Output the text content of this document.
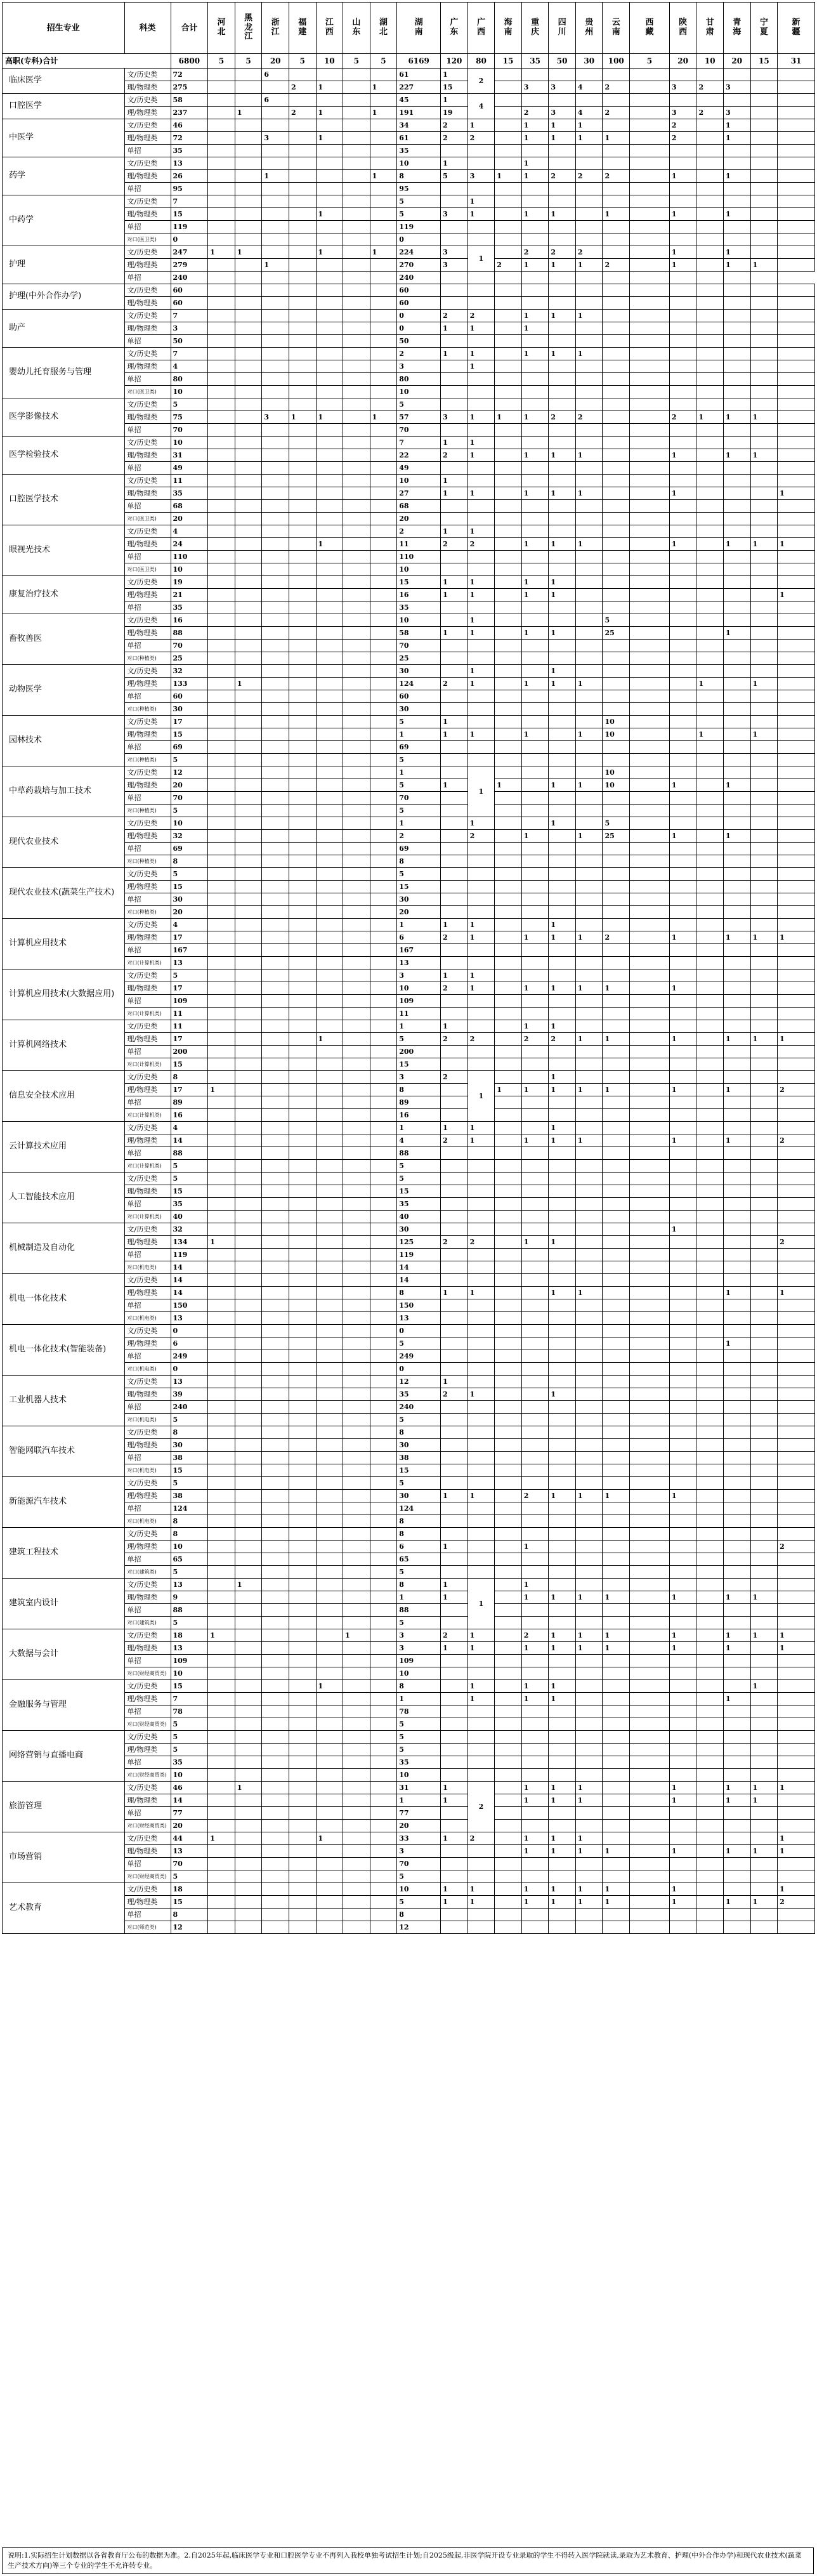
招生专业	科类	合计	河北	黑龙江	浙江	福建	江西	山东	湖北	湖南	广东	广西	海南	重庆	四川	贵州	云南	西藏	陕西	甘肃	青海	宁夏	新疆
高职(专科)合计		6800	5	5	20	5	10	5	5	6169	120	80	15	35	50	30	100	5	20	10	20	15	31
临床医学	文/历史类	72			6					61	1	2											
	理/物理类	275				2	1		1	227	15			3	3	4	2		3	2	3		
口腔医学	文/历史类	58			6					45	1	4											
	理/物理类	237		1		2	1		1	191	19			2	3	4	2		3	2	3		
中医学	文/历史类	46								34	2	1		1	1	1			2		1		
	理/物理类	72			3		1			61	2	2		1	1	1	1		2		1		
	单招	35								35													
药学	文/历史类	13								10	1			1									
	理/物理类	26			1				1	8	5	3	1	1	2	2	2		1		1		
	单招	95								95													
中药学	文/历史类	7								5		1											
	理/物理类	15					1			5	3	1		1	1		1		1		1		
	单招	119								119													
	对口(医卫类)	0								0													
护理	文/历史类	247	1	1			1		1	224	3	1		2	2	2			1		1		
	理/物理类	279			1					270	3		2	1	1	1	2		1		1	1	
	单招	240								240													
护理(中外合作办学)	文/历史类	60								60													
	理/物理类	60								60													
助产	文/历史类	7								0	2	2		1	1	1							
	理/物理类	3								0	1	1		1									
	单招	50								50													
婴幼儿托育服务与管理	文/历史类	7								2	1	1		1	1	1							
	理/物理类	4								3		1											
	单招	80								80													
	对口(医卫类)	10								10													
医学影像技术	文/历史类	5								5													
	理/物理类	75			3	1	1		1	57	3	1	1	1	2	2			2	1	1	1	
	单招	70								70													
医学检验技术	文/历史类	10								7	1	1											
	理/物理类	31								22	2	1		1	1	1			1		1	1	
	单招	49								49													
口腔医学技术	文/历史类	11								10	1												
	理/物理类	35								27	1	1		1	1	1			1				1
	单招	68								68													
	对口(医卫类)	20								20													
眼视光技术	文/历史类	4								2	1	1											
	理/物理类	24					1			11	2	2		1	1	1			1		1	1	1
	单招	110								110													
	对口(医卫类)	10								10													
康复治疗技术	文/历史类	19								15	1	1		1	1								
	理/物理类	21								16	1	1		1	1								1
	单招	35								35													
畜牧兽医	文/历史类	16								10		1					5						
	理/物理类	88								58	1	1		1	1		25				1		
	单招	70								70													
	对口(种植类)	25								25													
动物医学	文/历史类	32								30		1			1								
	理/物理类	133		1						124	2	1		1	1	1				1		1	
	单招	60								60													
	对口(种植类)	30								30													
园林技术	文/历史类	17								5	1						10						
	理/物理类	15								1	1	1		1		1	10			1		1	
	单招	69								69													
	对口(种植类)	5								5													
中草药栽培与加工技术	文/历史类	12								1		1					10						
	理/物理类	20								5	1		1		1	1	10		1		1		
	单招	70								70													
	对口(种植类)	5								5													
现代农业技术	文/历史类	10								1		1			1		5						
	理/物理类	32								2		2		1		1	25		1		1		
	单招	69								69													
	对口(种植类)	8								8													
现代农业技术(蔬菜生产技术)	文/历史类	5								5													
	理/物理类	15								15													
	单招	30								30													
	对口(种植类)	20								20													
计算机应用技术	文/历史类	4								1	1	1			1								
	理/物理类	17								6	2	1		1	1	1	2		1		1	1	1
	单招	167								167													
	对口(计算机类)	13								13													
计算机应用技术(大数据应用)	文/历史类	5								3	1	1											
	理/物理类	17								10	2	1		1	1	1	1		1				
	单招	109								109													
	对口(计算机类)	11								11													
计算机网络技术	文/历史类	11								1	1			1	1								
	理/物理类	17					1			5	2	2		2	2	1	1		1		1	1	1
	单招	200								200													
	对口(计算机类)	15								15													
信息安全技术应用	文/历史类	8								3	2	1			1								
	理/物理类	17	1							8			1	1	1	1	1		1		1		2
	单招	89								89													
	对口(计算机类)	16								16													
云计算技术应用	文/历史类	4								1	1	1			1								
	理/物理类	14								4	2	1		1	1	1			1		1		2
	单招	88								88													
	对口(计算机类)	5								5													
人工智能技术应用	文/历史类	5								5													
	理/物理类	15								15													
	单招	35								35													
	对口(计算机类)	40								40													
机械制造及自动化	文/历史类	32								30									1				
	理/物理类	134	1							125	2	2		1	1								2
	单招	119								119													
	对口(机电类)	14								14													
机电一体化技术	文/历史类	14								14													
	理/物理类	14								8	1	1			1	1					1		1
	单招	150								150													
	对口(机电类)	13								13													
机电一体化技术(智能装备)	文/历史类	0								0													
	理/物理类	6								5											1		
	单招	249								249													
	对口(机电类)	0								0													
工业机器人技术	文/历史类	13								12	1												
	理/物理类	39								35	2	1			1								
	单招	240								240													
	对口(机电类)	5								5													
智能网联汽车技术	文/历史类	8								8													
	理/物理类	30								30													
	单招	38								38													
	对口(机电类)	15								15													
新能源汽车技术	文/历史类	5								5													
	理/物理类	38								30	1	1		2	1	1	1		1				
	单招	124								124													
	对口(机电类)	8								8													
建筑工程技术	文/历史类	8								8													
	理/物理类	10								6	1			1									2
	单招	65								65													
	对口(建筑类)	5								5													
建筑室内设计	文/历史类	13		1						8	1	1		1									
	理/物理类	9								1	1			1	1	1	1		1		1	1	
	单招	88								88													
	对口(建筑类)	5								5													
大数据与会计	文/历史类	18	1					1		3	2	1		2	1	1	1		1		1	1	1
	理/物理类	13								3	1	1		1	1	1	1		1		1		1
	单招	109								109													
	对口(财经商贸类)	10								10													
金融服务与管理	文/历史类	15					1			8		1		1	1							1	
	理/物理类	7								1		1		1	1						1		
	单招	78								78													
	对口(财经商贸类)	5								5													
网络营销与直播电商	文/历史类	5								5													
	理/物理类	5								5													
	单招	35								35													
	对口(财经商贸类)	10								10													
旅游管理	文/历史类	46		1						31	1	2		1	1	1			1		1	1	1
	理/物理类	14								1	1			1	1	1			1		1	1	
	单招	77								77													
	对口(财经商贸类)	20								20													
市场营销	文/历史类	44	1				1			33	1	2		1	1	1							1
	理/物理类	13								3				1	1	1	1		1		1	1	1
	单招	70								70													
	对口(财经商贸类)	5								5													
艺术教育	文/历史类	18								10	1	1		1	1	1	1		1				1
	理/物理类	15								5	1	1		1	1	1	1		1		1	1	2
	单招	8								8													
	对口(师范类)	12								12													
说明:1.实际招生计划数据以各省教育厅公布的数据为准。2.自2025年起,临床医学专业和口腔医学专业不再列入我校单独考试招生计划;自2025级起,非医学院开设专业录取的学生不得转入医学院就读,录取为艺术教育、护理(中外合作办学)和现代农业技术(蔬菜生产技术方向)等三个专业的学生不允许转专业。
